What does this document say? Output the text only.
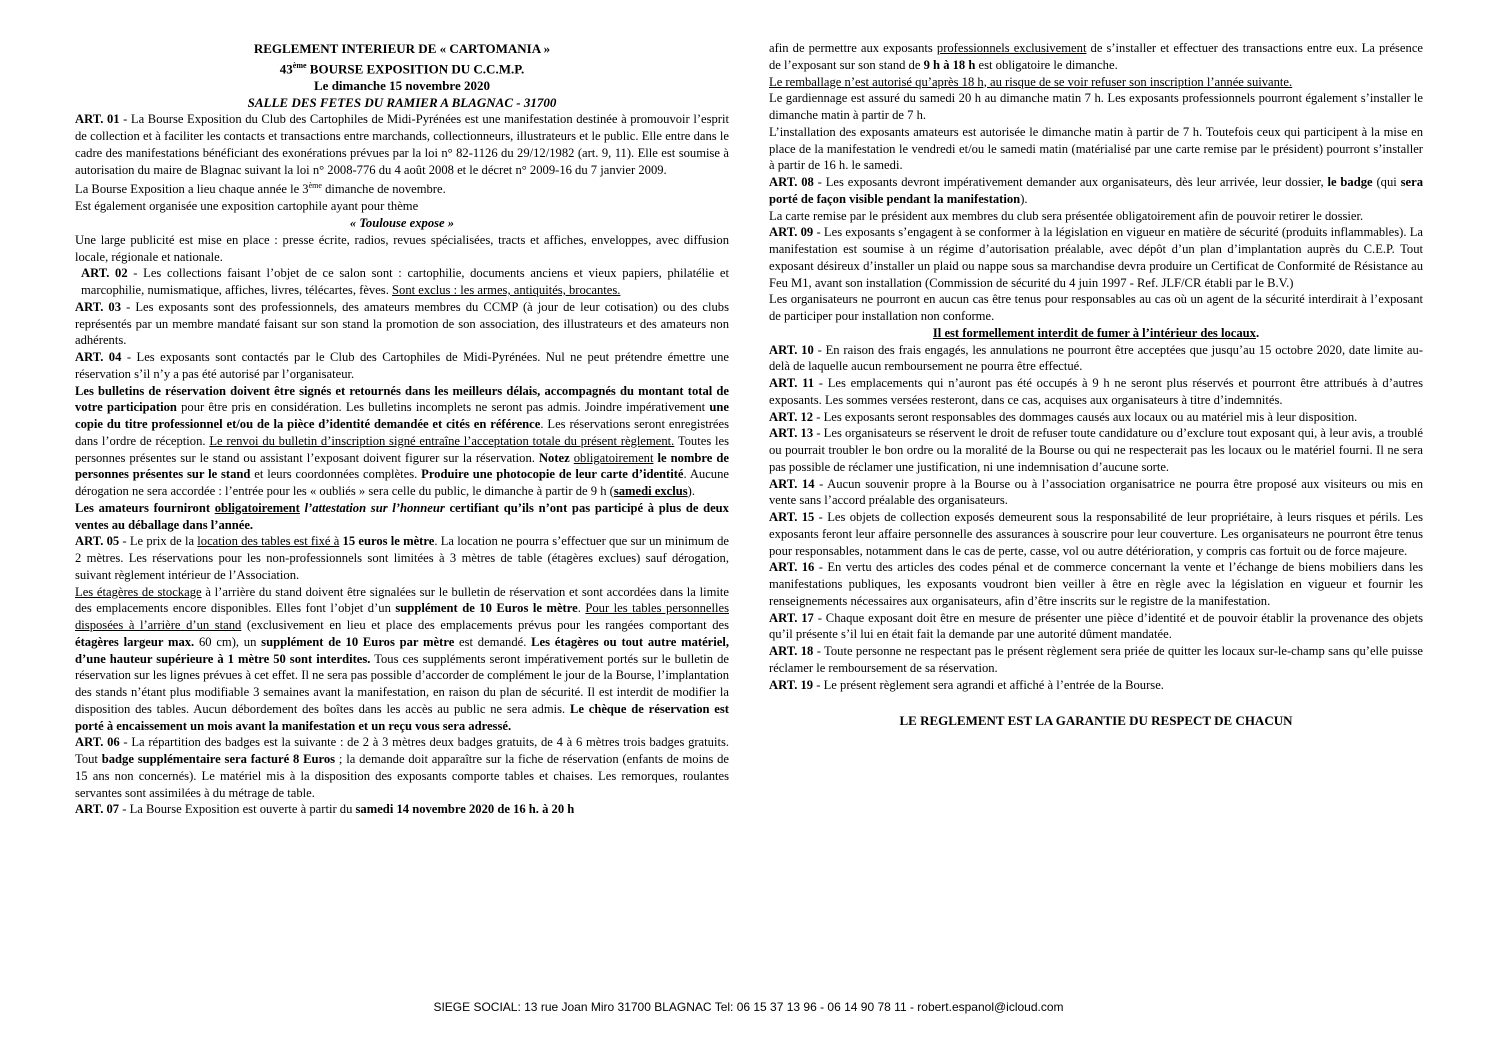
REGLEMENT INTERIEUR DE « CARTOMANIA »
43ème BOURSE EXPOSITION DU C.C.M.P.
Le dimanche 15 novembre 2020
SALLE DES FETES DU RAMIER A BLAGNAC - 31700

ART. 01 - La Bourse Exposition du Club des Cartophiles de Midi-Pyrénées est une manifestation destinée à promouvoir l’esprit de collection et à faciliter les contacts et transactions entre marchands, collectionneurs, illustrateurs et le public. Elle entre dans le cadre des manifestations bénéficiant des exonérations prévues par la loi n° 82-1126 du 29/12/1982 (art. 9, 11). Elle est soumise à autorisation du maire de Blagnac suivant la loi n° 2008-776 du 4 août 2008 et le décret n° 2009-16 du 7 janvier 2009.

La Bourse Exposition a lieu chaque année le 3ème dimanche de novembre.

Est également organisée une exposition cartophile ayant pour thème

« Toulouse expose »

Une large publicité est mise en place : presse écrite, radios, revues spécialisées, tracts et affiches, enveloppes, avec diffusion locale, régionale et nationale.

ART. 02 - Les collections faisant l’objet de ce salon sont : cartophilie, documents anciens et vieux papiers, philatélie et marcophilie, numismatique, affiches, livres, télécartes, fèves. Sont exclus : les armes, antiquités, brocantes.

ART. 03 - Les exposants sont des professionnels, des amateurs membres du CCMP (à jour de leur cotisation) ou des clubs représentés par un membre mandaté faisant sur son stand la promotion de son association, des illustrateurs et des amateurs non adhérents.

ART. 04 - Les exposants sont contactés par le Club des Cartophiles de Midi-Pyrénées. Nul ne peut prétendre émettre une réservation s’il n’y a pas été autorisé par l’organisateur.

Les bulletins de réservation doivent être signés et retournés dans les meilleurs délais, accompagnés du montant total de votre participation pour être pris en considération. Les bulletins incomplets ne seront pas admis. Joindre impérativement une copie du titre professionnel et/ou de la pièce d’identité demandée et cités en référence. Les réservations seront enregistrées dans l’ordre de réception. Le renvoi du bulletin d’inscription signé entraîne l’acceptation totale du présent règlement. Toutes les personnes présentes sur le stand ou assistant l’exposant doivent figurer sur la réservation. Notez obligatoirement le nombre de personnes présentes sur le stand et leurs coordonnées complètes. Produire une photocopie de leur carte d’identité. Aucune dérogation ne sera accordée : l’entrée pour les « oubliés » sera celle du public, le dimanche à partir de 9 h (samedi exclus).

Les amateurs fourniront obligatoirement l’attestation sur l’honneur certifiant qu’ils n’ont pas participé à plus de deux ventes au déballage dans l’année.

ART. 05 - Le prix de la location des tables est fixé à 15 euros le mètre. La location ne pourra s’effectuer que sur un minimum de 2 mètres. Les réservations pour les non-professionnels sont limitées à 3 mètres de table (étagères exclues) sauf dérogation, suivant règlement intérieur de l’Association.

Les étagères de stockage à l’arrière du stand doivent être signalées sur le bulletin de réservation et sont accordées dans la limite des emplacements encore disponibles. Elles font l’objet d’un supplément de 10 Euros le mètre. Pour les tables personnelles disposées à l’arrière d’un stand (exclusivement en lieu et place des emplacements prévus pour les rangées comportant des étagères largeur max. 60 cm), un supplément de 10 Euros par mètre est demandé. Les étagères ou tout autre matériel, d’une hauteur supérieure à 1 mètre 50 sont interdites. Tous ces suppléments seront impérativement portés sur le bulletin de réservation sur les lignes prévues à cet effet. Il ne sera pas possible d’accorder de complément le jour de la Bourse, l’implantation des stands n’étant plus modifiable 3 semaines avant la manifestation, en raison du plan de sécurité. Il est interdit de modifier la disposition des tables. Aucun débordement des boîtes dans les accès au public ne sera admis. Le chèque de réservation est porté à encaissement un mois avant la manifestation et un reçu vous sera adressé.

ART. 06 - La répartition des badges est la suivante : de 2 à 3 mètres deux badges gratuits, de 4 à 6 mètres trois badges gratuits. Tout badge supplémentaire sera facturé 8 Euros ; la demande doit apparaître sur la fiche de réservation (enfants de moins de 15 ans non concernés). Le matériel mis à la disposition des exposants comporte tables et chaises. Les remorques, roulantes servantes sont assimilées à du métrage de table.

ART. 07 - La Bourse Exposition est ouverte à partir du samedi 14 novembre 2020 de 16 h. à 20 h

afin de permettre aux exposants professionnels exclusivement de s’installer et effectuer des transactions entre eux. La présence de l’exposant sur son stand de 9 h à 18 h est obligatoire le dimanche.

Le remballage n’est autorisé qu’après 18 h, au risque de se voir refuser son inscription l’année suivante.

Le gardiennage est assuré du samedi 20 h au dimanche matin 7 h. Les exposants professionnels pourront également s’installer le dimanche matin à partir de 7 h.

L’installation des exposants amateurs est autorisée le dimanche matin à partir de 7 h. Toutefois ceux qui participent à la mise en place de la manifestation le vendredi et/ou le samedi matin (matérialisé par une carte remise par le président) pourront s’installer à partir de 16 h. le samedi.

ART. 08 - Les exposants devront impérativement demander aux organisateurs, dès leur arrivée, leur dossier, le badge (qui sera porté de façon visible pendant la manifestation).

La carte remise par le président aux membres du club sera présentée obligatoirement afin de pouvoir retirer le dossier.

ART. 09 - Les exposants s’engagent à se conformer à la législation en vigueur en matière de sécurité (produits inflammables). La manifestation est soumise à un régime d’autorisation préalable, avec dépôt d’un plan d’implantation auprès du C.E.P. Tout exposant désireux d’installer un plaid ou nappe sous sa marchandise devra produire un Certificat de Conformité de Résistance au Feu M1, avant son installation (Commission de sécurité du 4 juin 1997 - Ref. JLF/CR établi par le B.V.)

Les organisateurs ne pourront en aucun cas être tenus pour responsables au cas où un agent de la sécurité interdirait à l’exposant de participer pour installation non conforme.

Il est formellement interdit de fumer à l’intérieur des locaux.

ART. 10 - En raison des frais engagés, les annulations ne pourront être acceptées que jusqu’au 15 octobre 2020, date limite au-delà de laquelle aucun remboursement ne pourra être effectué.

ART. 11 - Les emplacements qui n’auront pas été occupés à 9 h ne seront plus réservés et pourront être attribués à d’autres exposants. Les sommes versées resteront, dans ce cas, acquises aux organisateurs à titre d’indemnités.

ART. 12 - Les exposants seront responsables des dommages causés aux locaux ou au matériel mis à leur disposition.

ART. 13 - Les organisateurs se réservent le droit de refuser toute candidature ou d’exclure tout exposant qui, à leur avis, a troublé ou pourrait troubler le bon ordre ou la moralité de la Bourse ou qui ne respecterait pas les locaux ou le matériel fourni. Il ne sera pas possible de réclamer une justification, ni une indemnisation d’aucune sorte.

ART. 14 - Aucun souvenir propre à la Bourse ou à l’association organisatrice ne pourra être proposé aux visiteurs ou mis en vente sans l’accord préalable des organisateurs.

ART. 15 - Les objets de collection exposés demeurent sous la responsabilité de leur propriétaire, à leurs risques et périls. Les exposants feront leur affaire personnelle des assurances à souscrire pour leur couverture. Les organisateurs ne pourront être tenus pour responsables, notamment dans le cas de perte, casse, vol ou autre détérioration, y compris cas fortuit ou de force majeure.

ART. 16 - En vertu des articles des codes pénal et de commerce concernant la vente et l’échange de biens mobiliers dans les manifestations publiques, les exposants voudront bien veiller à être en règle avec la législation en vigueur et fournir les renseignements nécessaires aux organisateurs, afin d’être inscrits sur le registre de la manifestation.

ART. 17 - Chaque exposant doit être en mesure de présenter une pièce d’identité et de pouvoir établir la provenance des objets qu’il présente s’il lui en était fait la demande par une autorité dûment mandatée.

ART. 18 - Toute personne ne respectant pas le présent règlement sera priée de quitter les locaux sur-le-champ sans qu’elle puisse réclamer le remboursement de sa réservation.

ART. 19 - Le présent règlement sera agrandi et affiché à l’entrée de la Bourse.

LE REGLEMENT EST LA GARANTIE DU RESPECT DE CHACUN

SIEGE SOCIAL: 13 rue Joan Miro 31700 BLAGNAC Tel: 06 15 37 13 96 - 06 14 90 78 11 - robert.espanol@icloud.com
